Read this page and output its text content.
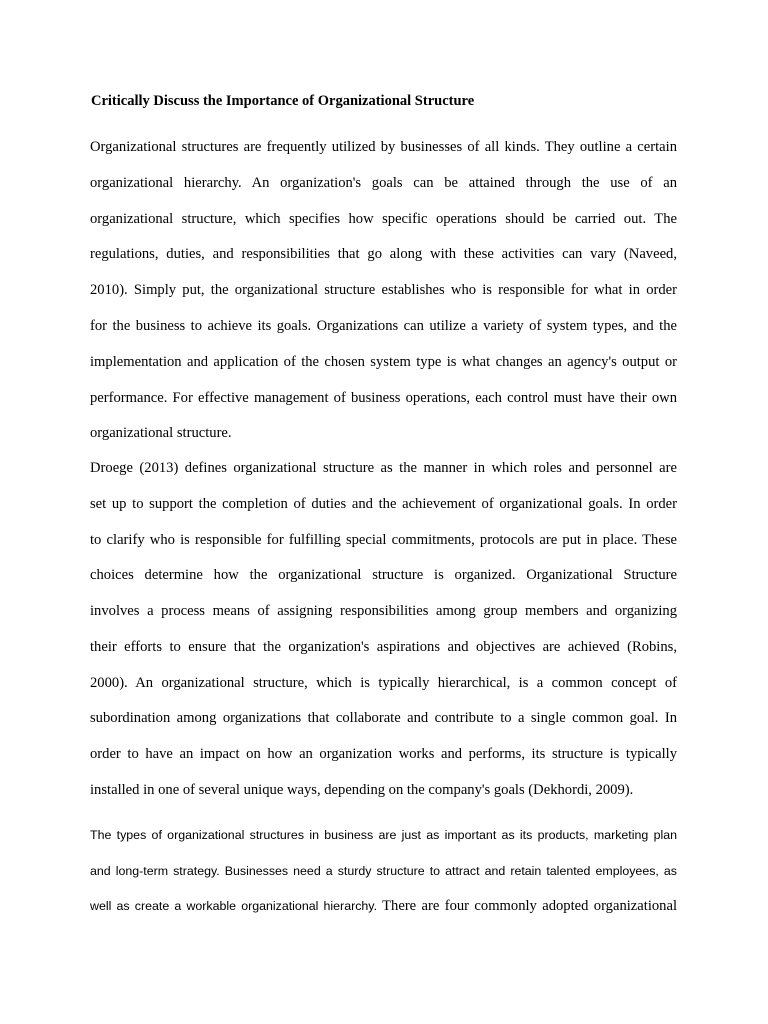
Critically Discuss the Importance of Organizational Structure
Organizational structures are frequently utilized by businesses of all kinds. They outline a certain
organizational hierarchy. An organization's goals can be attained through the use of an
organizational structure, which specifies how specific operations should be carried out. The
regulations, duties, and responsibilities that go along with these activities can vary (Naveed,
2010). Simply put, the organizational structure establishes who is responsible for what in order
for the business to achieve its goals. Organizations can utilize a variety of system types, and the
implementation and application of the chosen system type is what changes an agency's output or
performance. For effective management of business operations, each control must have their own
organizational structure.
Droege (2013) defines organizational structure as the manner in which roles and personnel are
set up to support the completion of duties and the achievement of organizational goals. In order
to clarify who is responsible for fulfilling special commitments, protocols are put in place. These
choices determine how the organizational structure is organized. Organizational Structure
involves a process means of assigning responsibilities among group members and organizing
their efforts to ensure that the organization's aspirations and objectives are achieved (Robins,
2000). An organizational structure, which is typically hierarchical, is a common concept of
subordination among organizations that collaborate and contribute to a single common goal. In
order to have an impact on how an organization works and performs, its structure is typically
installed in one of several unique ways, depending on the company's goals (Dekhordi, 2009).
The types of organizational structures in business are just as important as its products, marketing plan
and long-term strategy. Businesses need a sturdy structure to attract and retain talented employees, as
well as create a workable organizational hierarchy. There are four commonly adopted organizational
